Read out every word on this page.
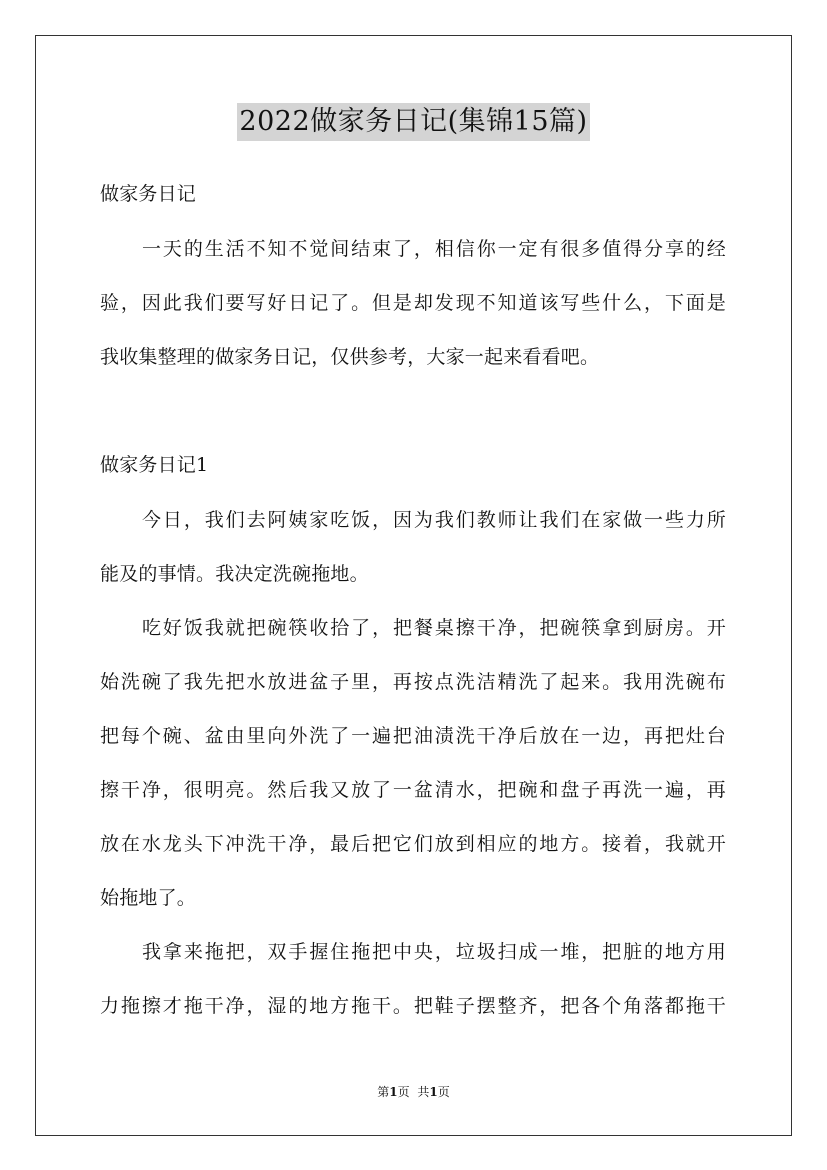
2022做家务日记(集锦15篇)
做家务日记
一天的生活不知不觉间结束了，相信你一定有很多值得分享的经
验，因此我们要写好日记了。但是却发现不知道该写些什么，下面是
我收集整理的做家务日记，仅供参考，大家一起来看看吧。
做家务日记1
今日，我们去阿姨家吃饭，因为我们教师让我们在家做一些力所
能及的事情。我决定洗碗拖地。
吃好饭我就把碗筷收拾了，把餐桌擦干净，把碗筷拿到厨房。开
始洗碗了我先把水放进盆子里，再按点洗洁精洗了起来。我用洗碗布
把每个碗、盆由里向外洗了一遍把油渍洗干净后放在一边，再把灶台
擦干净，很明亮。然后我又放了一盆清水，把碗和盘子再洗一遍，再
放在水龙头下冲洗干净，最后把它们放到相应的地方。接着，我就开
始拖地了。
我拿来拖把，双手握住拖把中央，垃圾扫成一堆，把脏的地方用
力拖擦才拖干净，湿的地方拖干。把鞋子摆整齐，把各个角落都拖干
第1页 共1页
